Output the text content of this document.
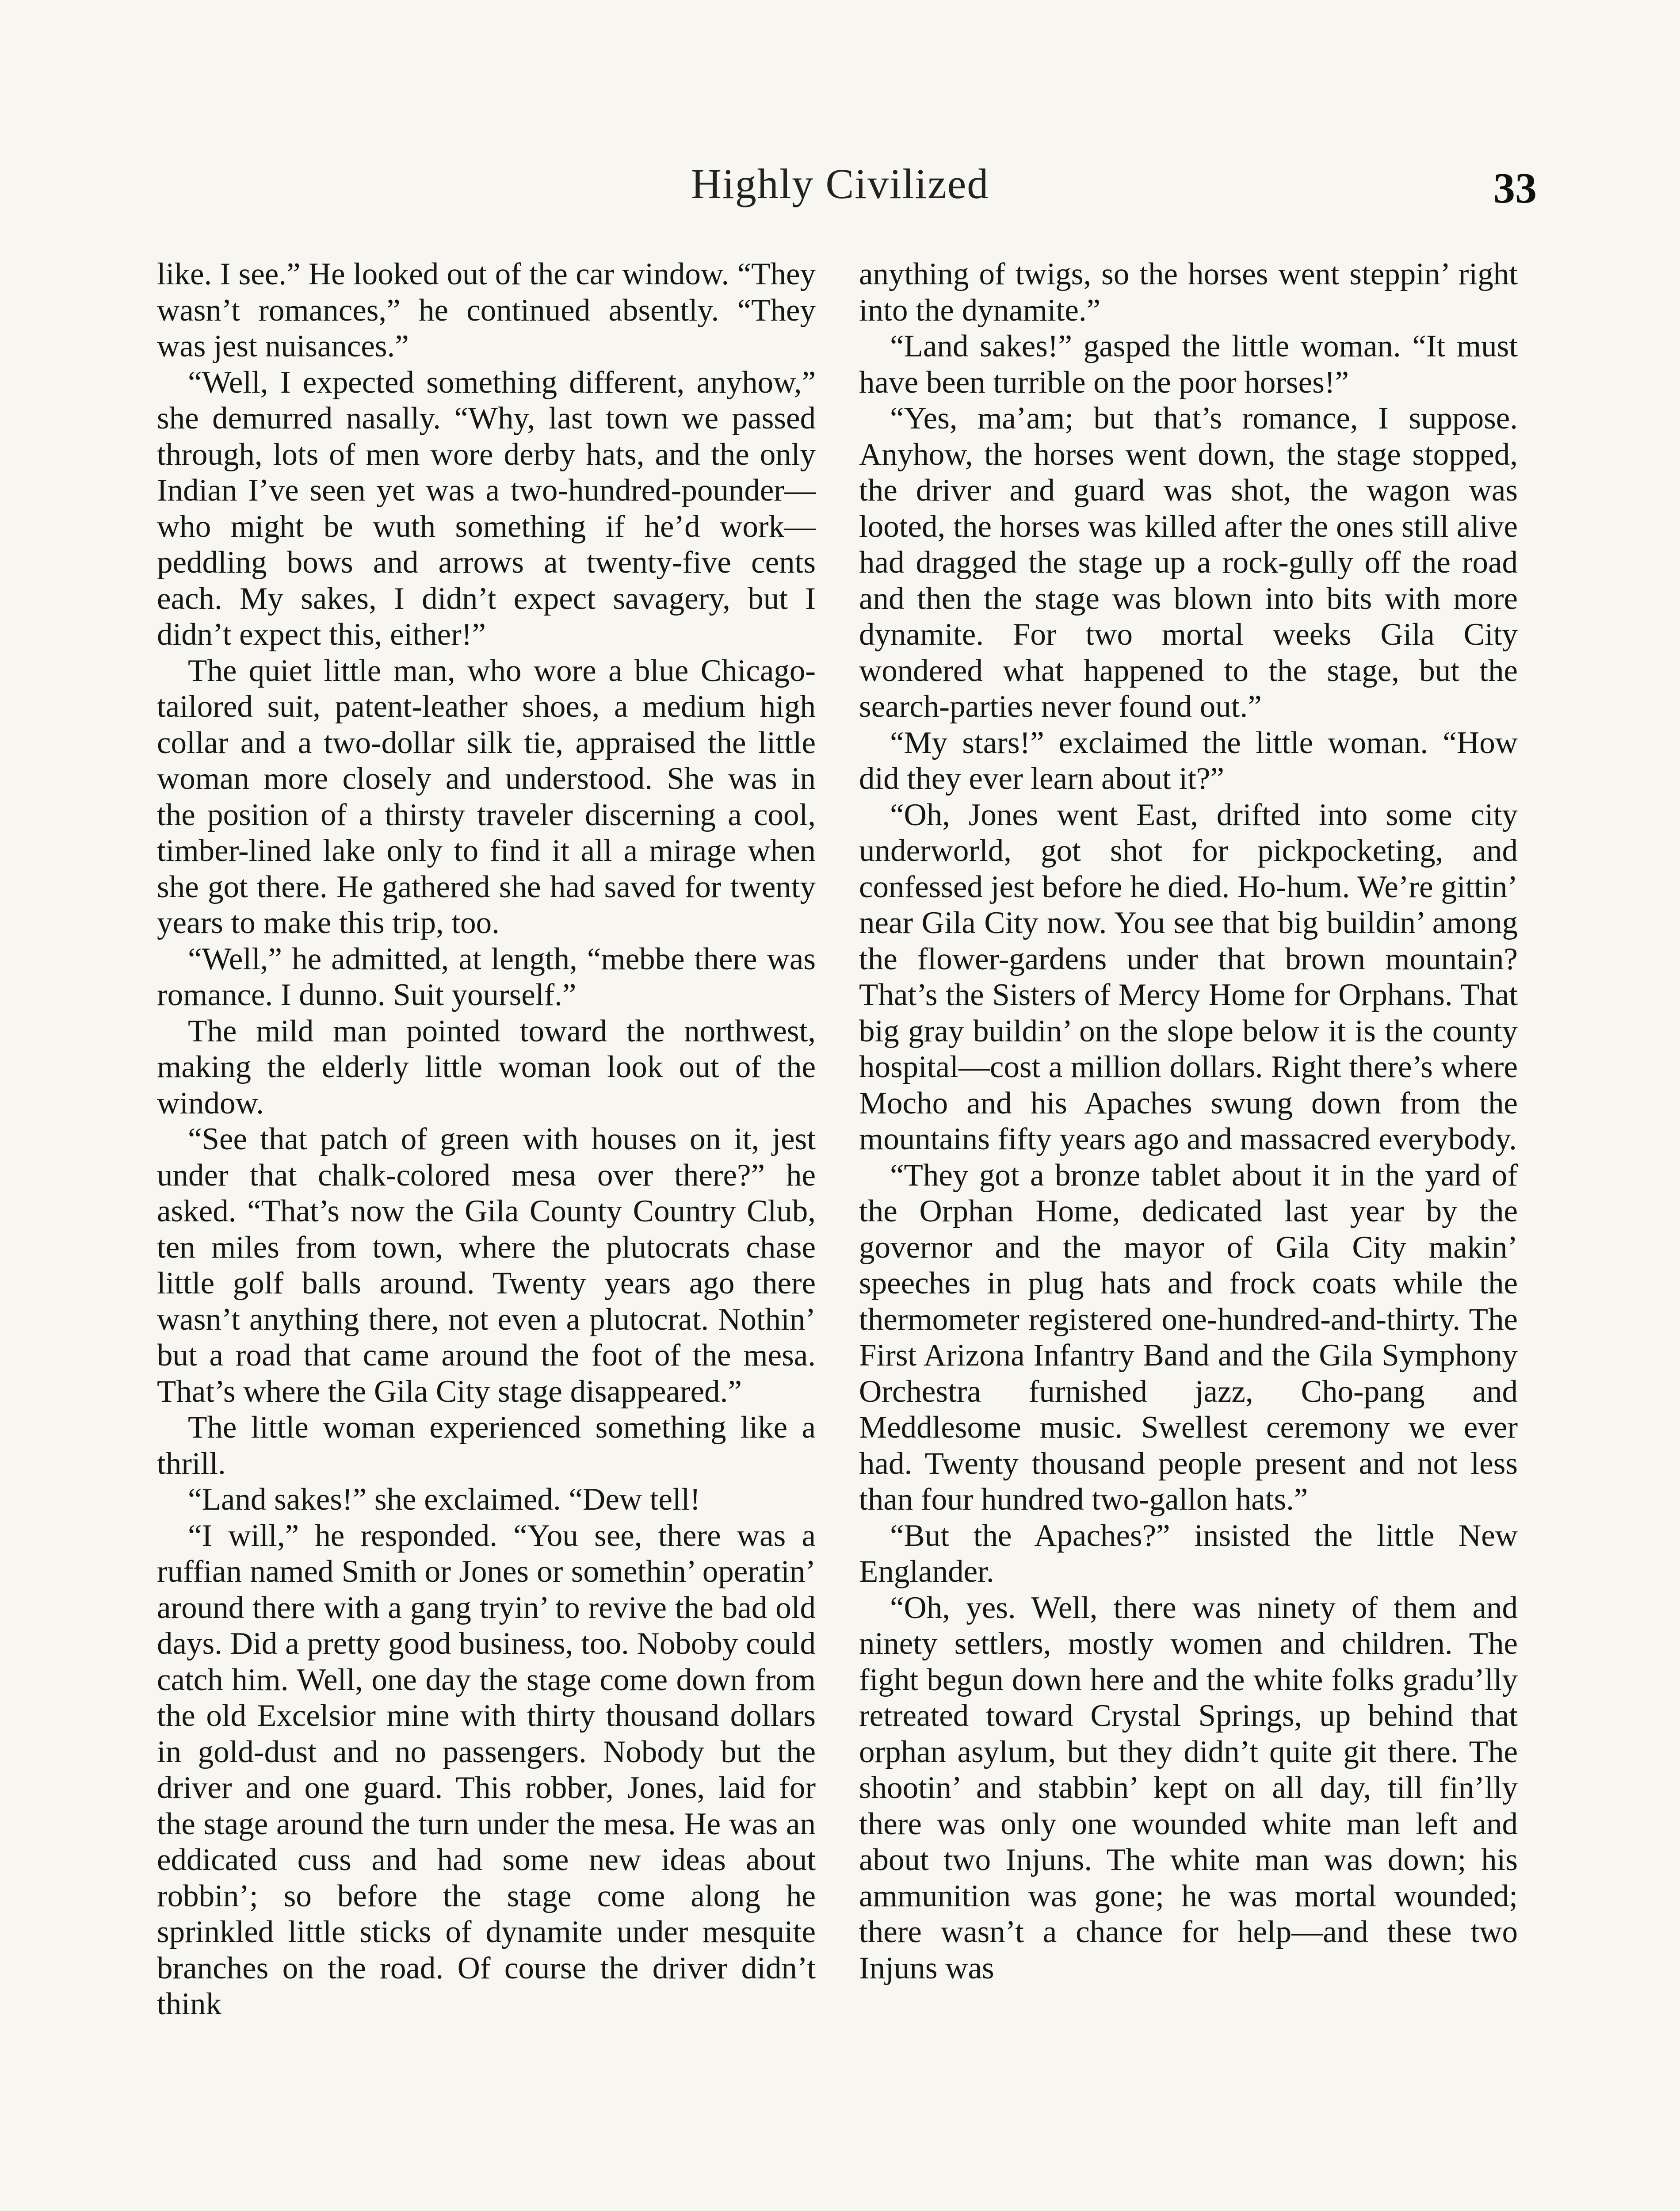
Highly Civilized	33

like. I see.” He looked out of the car window. “They wasn’t romances,” he continued absently. “They was jest nuisances.”

“Well, I expected something different, anyhow,” she demurred nasally. “Why, last town we passed through, lots of men wore derby hats, and the only Indian I’ve seen yet was a two-hundred-pounder—who might be wuth something if he’d work—peddling bows and arrows at twenty-five cents each. My sakes, I didn’t expect savagery, but I didn’t expect this, either!”

The quiet little man, who wore a blue Chicago-tailored suit, patent-leather shoes, a medium high collar and a two-dollar silk tie, appraised the little woman more closely and understood. She was in the position of a thirsty traveler discerning a cool, timber-lined lake only to find it all a mirage when she got there. He gathered she had saved for twenty years to make this trip, too.

“Well,” he admitted, at length, “mebbe there was romance. I dunno. Suit yourself.”

The mild man pointed toward the northwest, making the elderly little woman look out of the window.

“See that patch of green with houses on it, jest under that chalk-colored mesa over there?” he asked. “That’s now the Gila County Country Club, ten miles from town, where the plutocrats chase little golf balls around. Twenty years ago there wasn’t anything there, not even a plutocrat. Nothin’ but a road that came around the foot of the mesa. That’s where the Gila City stage disappeared.”

The little woman experienced something like a thrill.

“Land sakes!” she exclaimed. “Dew tell!

“I will,” he responded. “You see, there was a ruffian named Smith or Jones or somethin’ operatin’ around there with a gang tryin’ to revive the bad old days. Did a pretty good business, too. Noboby could catch him. Well, one day the stage come down from the old Excelsior mine with thirty thousand dollars in gold-dust and no passengers. Nobody but the driver and one guard. This robber, Jones, laid for the stage around the turn under the mesa. He was an eddicated cuss and had some new ideas about robbin’; so before the stage come along he sprinkled little sticks of dynamite under mesquite branches on the road. Of course the driver didn’t think

anything of twigs, so the horses went steppin’ right into the dynamite.”

“Land sakes!” gasped the little woman. “It must have been turrible on the poor horses!”

“Yes, ma’am; but that’s romance, I suppose. Anyhow, the horses went down, the stage stopped, the driver and guard was shot, the wagon was looted, the horses was killed after the ones still alive had dragged the stage up a rock-gully off the road and then the stage was blown into bits with more dynamite. For two mortal weeks Gila City wondered what happened to the stage, but the search-parties never found out.”

“My stars!” exclaimed the little woman. “How did they ever learn about it?”

“Oh, Jones went East, drifted into some city underworld, got shot for pickpocketing, and confessed jest before he died. Ho-hum. We’re gittin’ near Gila City now. You see that big buildin’ among the flower-gardens under that brown mountain? That’s the Sisters of Mercy Home for Orphans. That big gray buildin’ on the slope below it is the county hospital—cost a million dollars. Right there’s where Mocho and his Apaches swung down from the mountains fifty years ago and massacred everybody.

“They got a bronze tablet about it in the yard of the Orphan Home, dedicated last year by the governor and the mayor of Gila City makin’ speeches in plug hats and frock coats while the thermometer registered one-hundred-and-thirty. The First Arizona Infantry Band and the Gila Symphony Orchestra furnished jazz, Cho-pang and Meddlesome music. Swellest ceremony we ever had. Twenty thousand people present and not less than four hundred two-gallon hats.”

“But the Apaches?” insisted the little New Englander.

“Oh, yes. Well, there was ninety of them and ninety settlers, mostly women and children. The fight begun down here and the white folks gradu’lly retreated toward Crystal Springs, up behind that orphan asylum, but they didn’t quite git there. The shootin’ and stabbin’ kept on all day, till fin’lly there was only one wounded white man left and about two Injuns. The white man was down; his ammunition was gone; he was mortal wounded; there wasn’t a chance for help—and these two Injuns was
